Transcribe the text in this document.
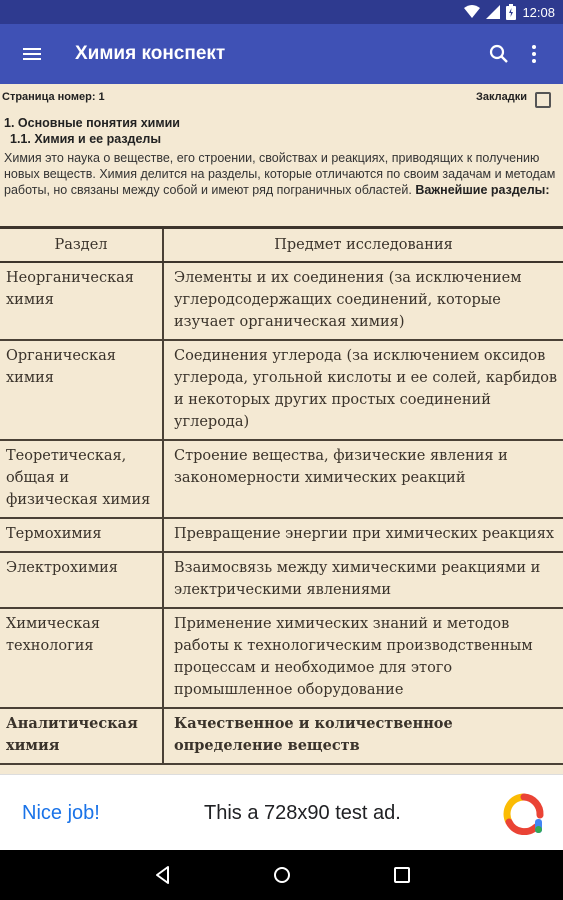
12:08
Химия конспект
Страница номер: 1	Закладки
1. Основные понятия химии
1.1. Химия и ее разделы
Химия это наука о веществе, его строении, свойствах и реакциях, приводящих к получению новых веществ. Химия делится на разделы, которые отличаются по своим задачам и методам работы, но связаны между собой и имеют ряд пограничных областей. Важнейшие разделы:
Раздел	Предмет исследования
Неорганическая химия	Элементы и их соединения (за исключением углеродсодержащих соединений, которые изучает органическая химия)
Органическая химия	Соединения углерода (за исключением оксидов углерода, угольной кислоты и ее солей, карбидов и некоторых других простых соединений углерода)
Теоретическая, общая и физическая химия	Строение вещества, физические явления и закономерности химических реакций
Термохимия	Превращение энергии при химических реакциях
Электрохимия	Взаимосвязь между химическими реакциями и электрическими явлениями
Химическая технология	Применение химических знаний и методов работы к технологическим производственным процессам и необходимое для этого промышленное оборудование
Аналитическая химия	Качественное и количественное определение веществ
Nice job!	This a 728x90 test ad.
